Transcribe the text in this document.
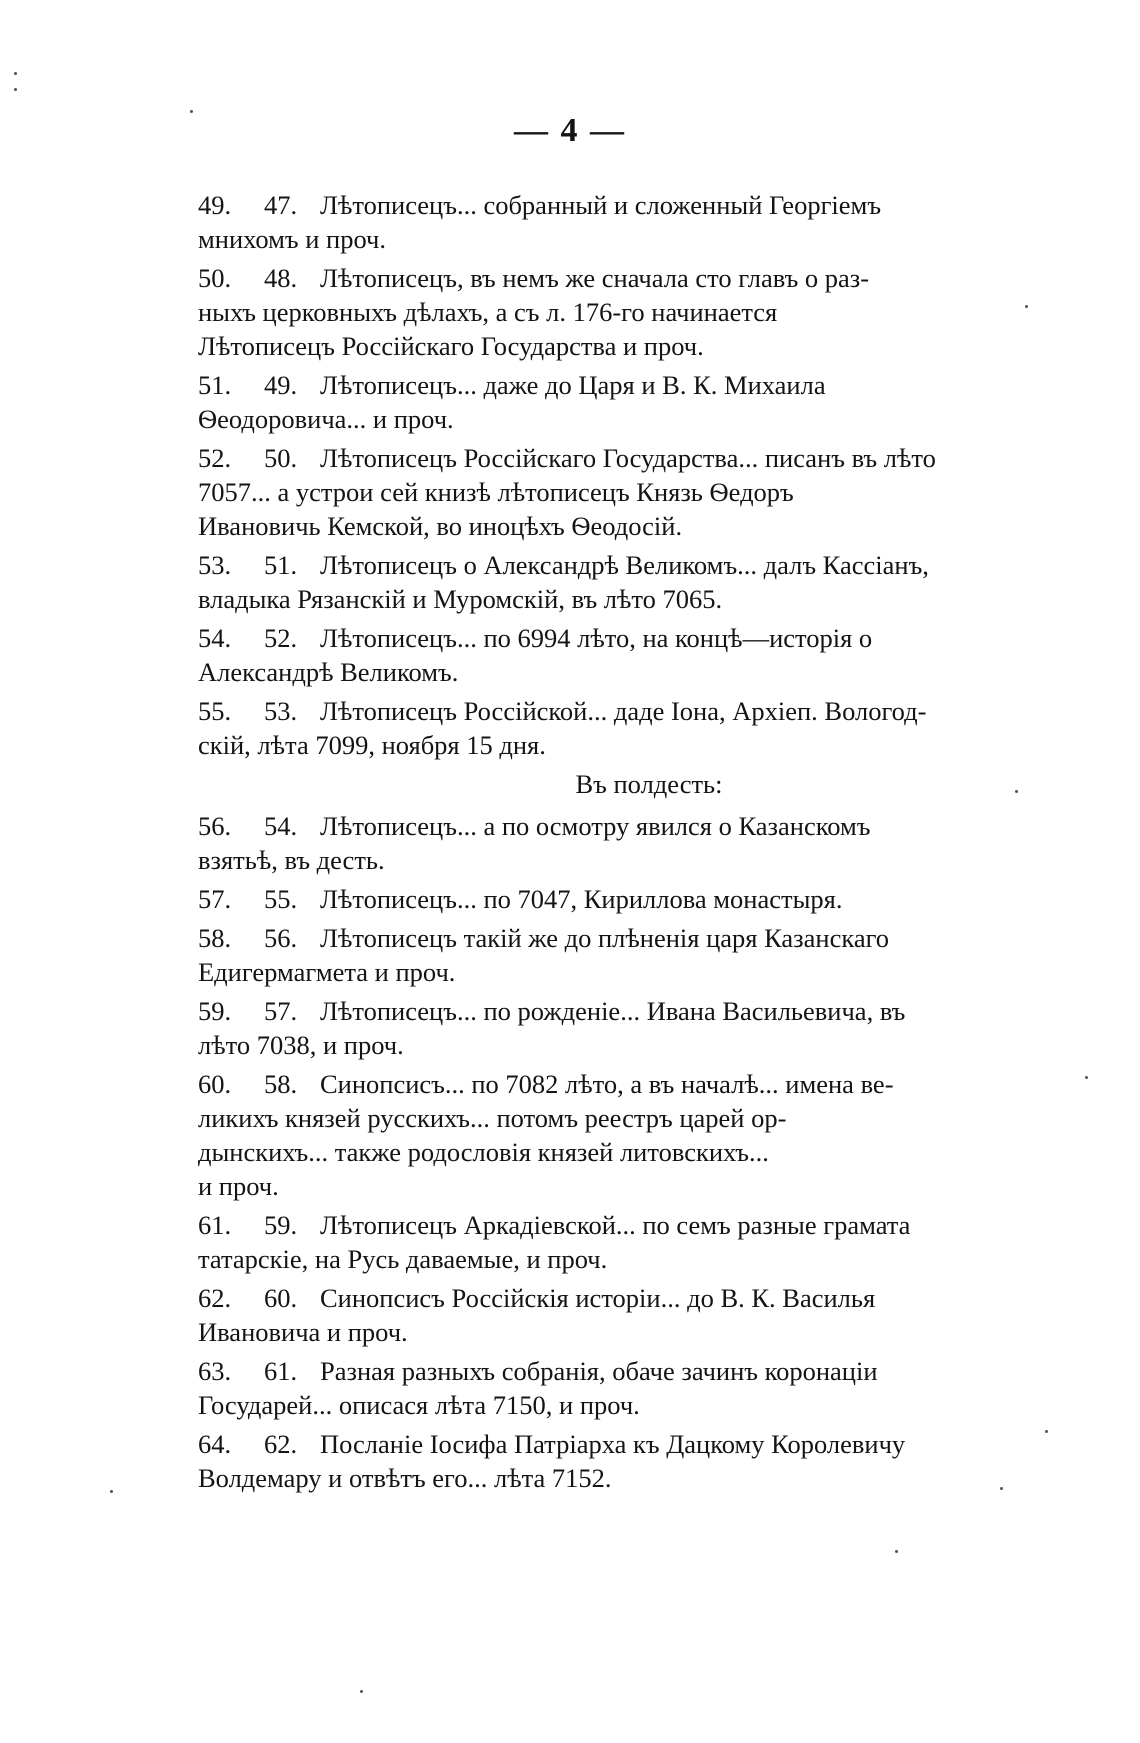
— 4 —
49. 47. Лѣтописецъ... собранный и сложенный Георгіемъ
мнихомъ и проч.
50. 48. Лѣтописецъ, въ немъ же сначала сто главъ о раз-
ныхъ церковныхъ дѣлахъ, а съ л. 176-го начинается
Лѣтописецъ Россійскаго Государства и проч.
51. 49. Лѣтописецъ... даже до Царя и В. К. Михаила
Ѳеодоровича... и проч.
52. 50. Лѣтописецъ Россійскаго Государства... писанъ въ лѣто
7057... а устрои сей книзѣ лѣтописецъ Князь Ѳедоръ
Ивановичь Кемской, во иноцѣхъ Ѳеодосій.
53. 51. Лѣтописецъ о Александрѣ Великомъ... далъ Кассіанъ,
владыка Рязанскій и Муромскій, въ лѣто 7065.
54. 52. Лѣтописецъ... по 6994 лѣто, на концѣ—исторія о
Александрѣ Великомъ.
55. 53. Лѣтописецъ Россійской... даде Іона, Архіеп. Вологод-
скій, лѣта 7099, ноября 15 дня.
Въ полдесть:
56. 54. Лѣтописецъ... а по осмотру явился о Казанскомъ
взятьѣ, въ десть.
57. 55. Лѣтописецъ... по 7047, Кириллова монастыря.
58. 56. Лѣтописецъ такій же до плѣненія царя Казанскаго
Едигермагмета и проч.
59. 57. Лѣтописецъ... по рожденіе... Ивана Васильевича, въ
лѣто 7038, и проч.
60. 58. Синопсисъ... по 7082 лѣто, а въ началѣ... имена ве-
ликихъ князей русскихъ... потомъ реестръ царей ор-
дынскихъ... также родословія князей литовскихъ...
и проч.
61. 59. Лѣтописецъ Аркадіевской... по семъ разные грамата
татарскіе, на Русь даваемые, и проч.
62. 60. Синопсисъ Россійскія исторіи... до В. К. Василья
Ивановича и проч.
63. 61. Разная разныхъ собранія, обаче зачинъ коронаціи
Государей... описася лѣта 7150, и проч.
64. 62. Посланіе Іосифа Патріарха къ Дацкому Королевичу
Волдемару и отвѣтъ его... лѣта 7152.
